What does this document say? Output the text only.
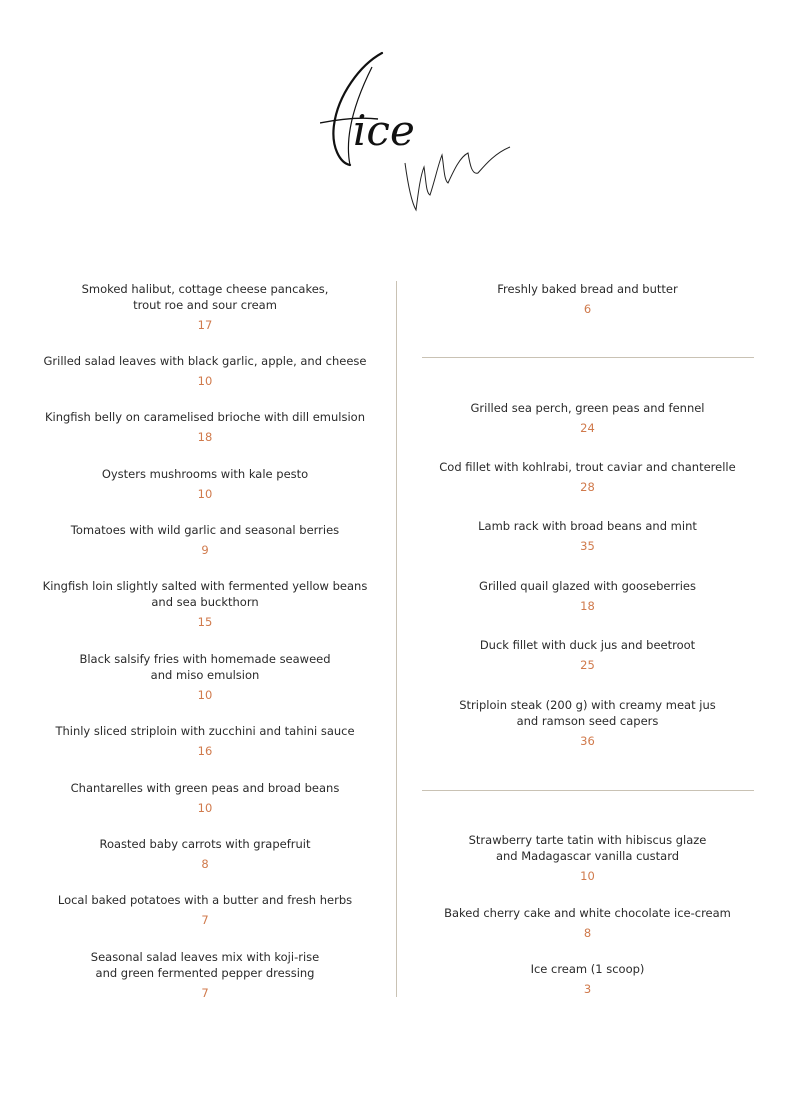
ice
Smoked halibut, cottage cheese pancakes,
trout roe and sour cream
17
Grilled salad leaves with black garlic, apple, and cheese
10
Kingfish belly on caramelised brioche with dill emulsion
18
Oysters mushrooms with kale pesto
10
Tomatoes with wild garlic and seasonal berries
9
Kingfish loin slightly salted with fermented yellow beans
and sea buckthorn
15
Black salsify fries with homemade seaweed
and miso emulsion
10
Thinly sliced striploin with zucchini and tahini sauce
16
Chantarelles with green peas and broad beans
10
Roasted baby carrots with grapefruit
8
Local baked potatoes with a butter and fresh herbs
7
Seasonal salad leaves mix with koji-rise
and green fermented pepper dressing
7
Freshly baked bread and butter
6
Grilled sea perch, green peas and fennel
24
Cod fillet with kohlrabi, trout caviar and chanterelle
28
Lamb rack with broad beans and mint
35
Grilled quail glazed with gooseberries
18
Duck fillet with duck jus and beetroot
25
Striploin steak (200 g) with creamy meat jus
and ramson seed capers
36
Strawberry tarte tatin with hibiscus glaze
and Madagascar vanilla custard
10
Baked cherry cake and white chocolate ice-cream
8
Ice cream (1 scoop)
3
